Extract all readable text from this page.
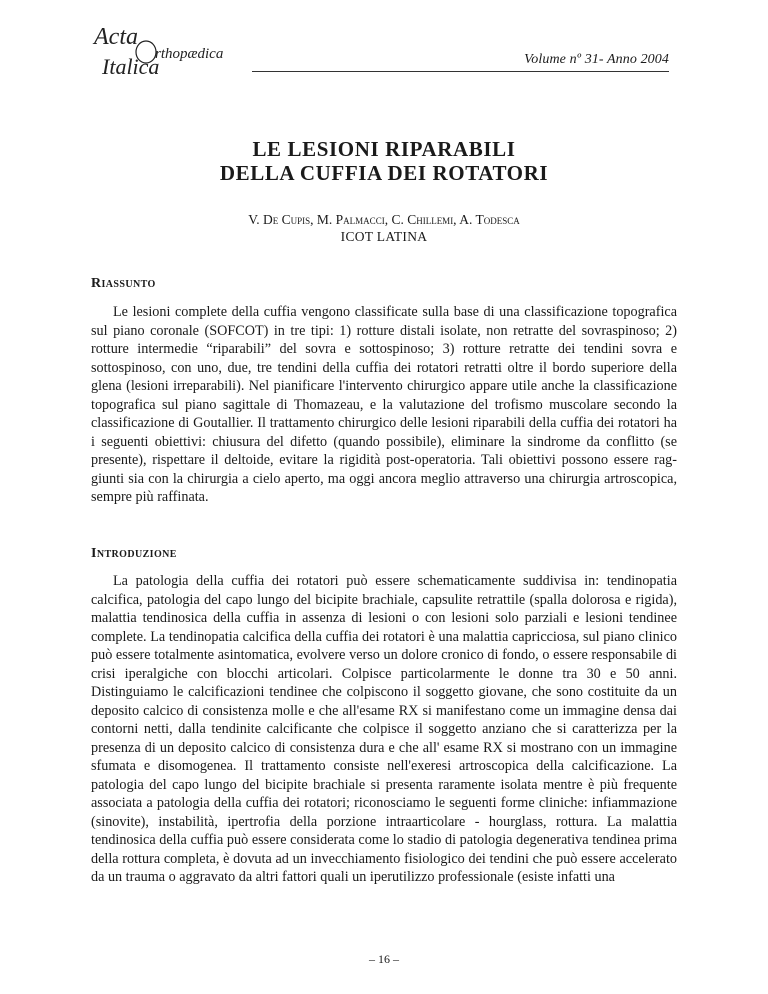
Acta
rthopædica
Italica	Volume nº 31- Anno 2004
LE LESIONI RIPARABILI
DELLA CUFFIA DEI ROTATORI
V. De Cupis, M. Palmacci, C. Chillemi, A. Todesca
ICOT LATINA
Riassunto

Le lesioni complete della cuffia vengono classificate sulla base di una classificazione topografica sul piano coronale (SOFCOT) in tre tipi: 1) rotture distali isolate, non retratte del sovraspinoso; 2) rotture intermedie “riparabili” del sovra e sottospinoso; 3) rotture retratte dei tendini sovra e sottospinoso, con uno, due, tre tendini della cuffia dei rotatori retratti oltre il bordo superiore della glena (lesioni irreparabili). Nel pianificare l'intervento chirurgico appare utile anche la classificazione topografica sul piano sagittale di Thomazeau, e la valutazione del trofismo muscolare secondo la classificazione di Goutallier. Il trattamento chirurgico delle lesioni riparabili della cuffia dei rotatori ha i seguenti obiettivi: chiusura del difetto (quando possibile), eliminare la sindrome da conflitto (se presente), rispettare il deltoide, evitare la rigidità post-operatoria. Tali obiettivi possono essere raggiunti sia con la chirurgia a cielo aperto, ma oggi ancora meglio attraverso una chirurgia artroscopica, sempre più raffinata.

Introduzione

La patologia della cuffia dei rotatori può essere schematicamente suddivisa in: tendinopatia calcifica, patologia del capo lungo del bicipite brachiale, capsulite retrattile (spalla dolorosa e rigida), malattia tendinosica della cuffia in assenza di lesioni o con lesioni solo parziali e lesioni tendinee complete. La tendinopatia calcifica della cuffia dei rotatori è una malattia capricciosa, sul piano clinico può essere totalmente asintomatica, evolvere verso un dolore cronico di fondo, o essere responsabile di crisi iperalgiche con blocchi articolari. Colpisce particolarmente le donne tra 30 e 50 anni. Distinguiamo le calcificazioni tendinee che colpiscono il soggetto giovane, che sono costituite da un deposito calcico di consistenza molle e che all'esame RX si manifestano come un immagine densa dai contorni netti, dalla tendinite calcificante che colpisce il soggetto anziano che si caratterizza per la presenza di un deposito calcico di consistenza dura e che all' esame RX si mostrano con un immagine sfumata e disomogenea. Il trattamento consiste nell'exeresi artroscopica della calcificazione. La patologia del capo lungo del bicipite brachiale si presenta raramente isolata mentre è più frequente associata a patologia della cuffia dei rotatori; riconosciamo le seguenti forme cliniche: infiammazione (sinovite), instabilità, ipertrofia della porzione intraarticolare - hourglass, rottura. La malattia tendinosica della cuffia può essere considerata come lo stadio di patologia degenerativa tendinea prima della rottura completa, è dovuta ad un invecchiamento fisiologico dei tendini che può essere accelerato da un trauma o aggravato da altri fattori quali un iperutilizzo professionale (esiste infatti una

– 16 –
